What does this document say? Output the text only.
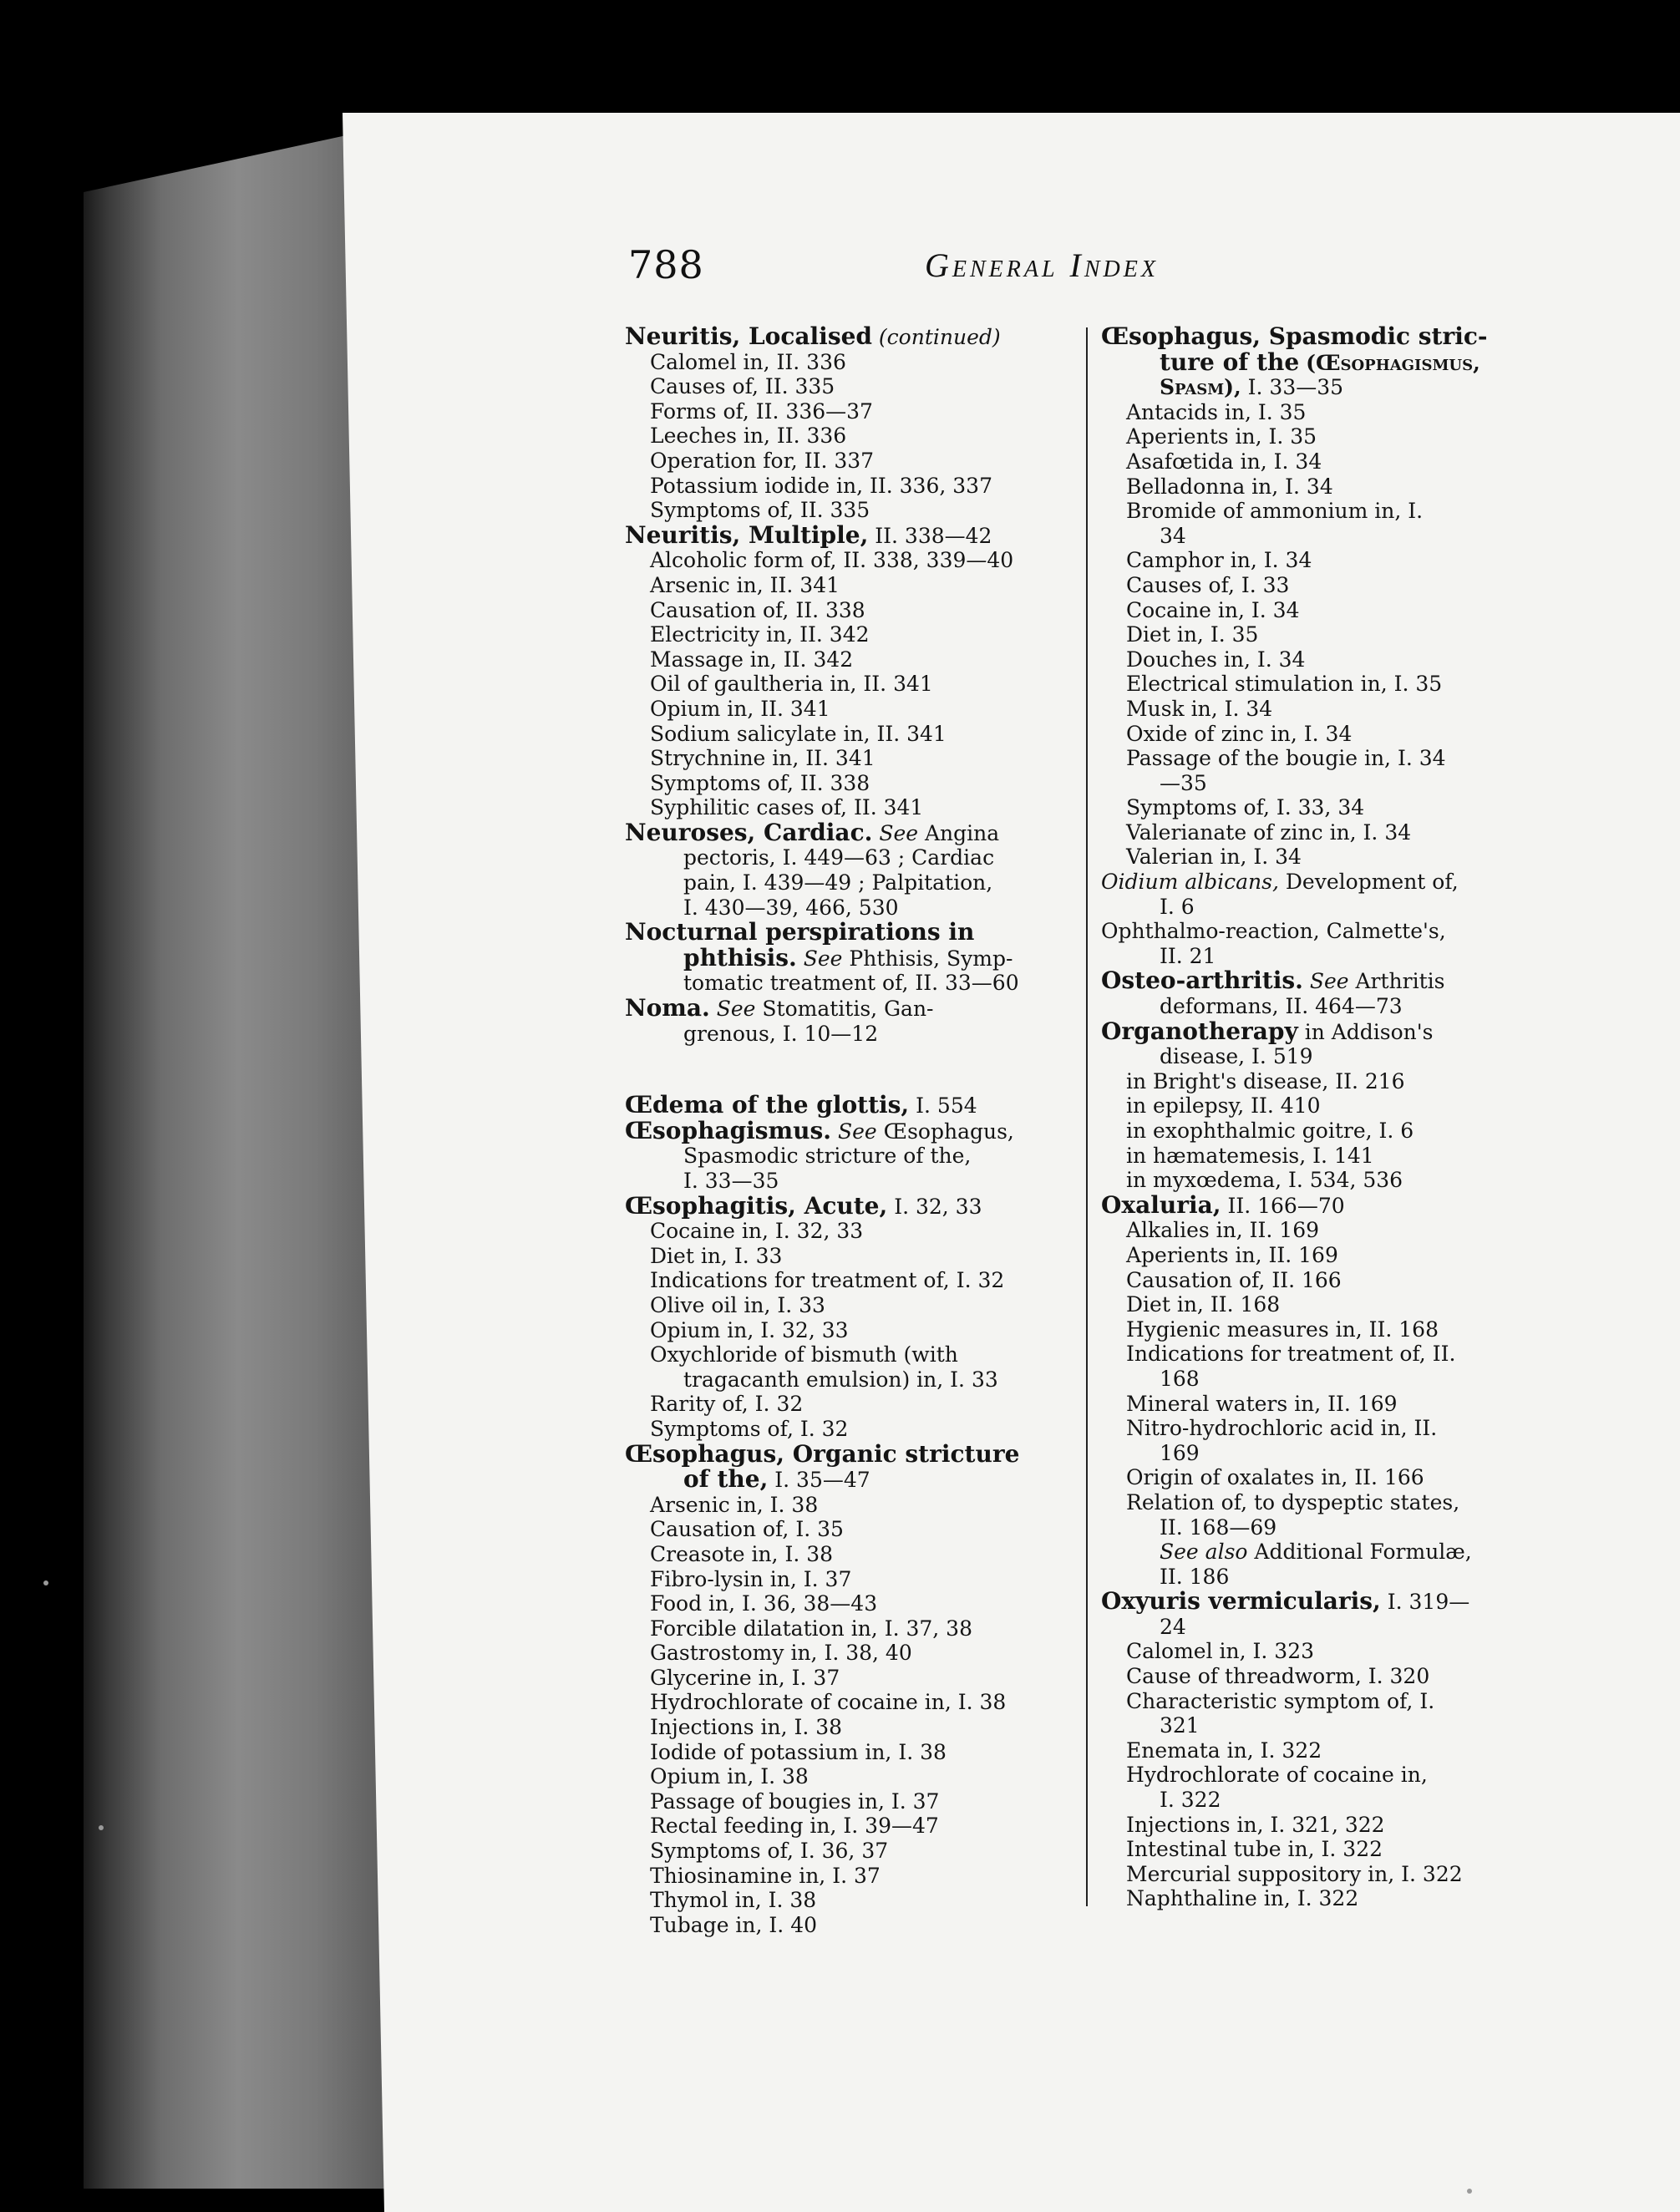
788	General Index
Neuritis, Localised (continued)
Calomel in, II. 336
Causes of, II. 335
Forms of, II. 336—37
Leeches in, II. 336
Operation for, II. 337
Potassium iodide in, II. 336, 337
Symptoms of, II. 335
Neuritis, Multiple, II. 338—42
Alcoholic form of, II. 338, 339—40
Arsenic in, II. 341
Causation of, II. 338
Electricity in, II. 342
Massage in, II. 342
Oil of gaultheria in, II. 341
Opium in, II. 341
Sodium salicylate in, II. 341
Strychnine in, II. 341
Symptoms of, II. 338
Syphilitic cases of, II. 341
Neuroses, Cardiac. See Angina
pectoris, I. 449—63 ; Cardiac
pain, I. 439—49 ; Palpitation,
I. 430—39, 466, 530
Nocturnal perspirations in
phthisis. See Phthisis, Symp-
tomatic treatment of, II. 33—60
Noma. See Stomatitis, Gan-
grenous, I. 10—12
Œdema of the glottis, I. 554
Œsophagismus. See Œsophagus,
Spasmodic stricture of the,
I. 33—35
Œsophagitis, Acute, I. 32, 33
Cocaine in, I. 32, 33
Diet in, I. 33
Indications for treatment of, I. 32
Olive oil in, I. 33
Opium in, I. 32, 33
Oxychloride of bismuth (with
tragacanth emulsion) in, I. 33
Rarity of, I. 32
Symptoms of, I. 32
Œsophagus, Organic stricture
of the, I. 35—47
Arsenic in, I. 38
Causation of, I. 35
Creasote in, I. 38
Fibro-lysin in, I. 37
Food in, I. 36, 38—43
Forcible dilatation in, I. 37, 38
Gastrostomy in, I. 38, 40
Glycerine in, I. 37
Hydrochlorate of cocaine in, I. 38
Injections in, I. 38
Iodide of potassium in, I. 38
Opium in, I. 38
Passage of bougies in, I. 37
Rectal feeding in, I. 39—47
Symptoms of, I. 36, 37
Thiosinamine in, I. 37
Thymol in, I. 38
Tubage in, I. 40
Œsophagus, Spasmodic stric-
ture of the (Œsophagismus,
Spasm), I. 33—35
Antacids in, I. 35
Aperients in, I. 35
Asafœtida in, I. 34
Belladonna in, I. 34
Bromide of ammonium in, I.
34
Camphor in, I. 34
Causes of, I. 33
Cocaine in, I. 34
Diet in, I. 35
Douches in, I. 34
Electrical stimulation in, I. 35
Musk in, I. 34
Oxide of zinc in, I. 34
Passage of the bougie in, I. 34
—35
Symptoms of, I. 33, 34
Valerianate of zinc in, I. 34
Valerian in, I. 34
Oidium albicans, Development of,
I. 6
Ophthalmo-reaction, Calmette's,
II. 21
Osteo-arthritis. See Arthritis
deformans, II. 464—73
Organotherapy in Addison's
disease, I. 519
in Bright's disease, II. 216
in epilepsy, II. 410
in exophthalmic goitre, I. 6
in hæmatemesis, I. 141
in myxœdema, I. 534, 536
Oxaluria, II. 166—70
Alkalies in, II. 169
Aperients in, II. 169
Causation of, II. 166
Diet in, II. 168
Hygienic measures in, II. 168
Indications for treatment of, II.
168
Mineral waters in, II. 169
Nitro-hydrochloric acid in, II.
169
Origin of oxalates in, II. 166
Relation of, to dyspeptic states,
II. 168—69
See also Additional Formulæ,
II. 186
Oxyuris vermicularis, I. 319—
24
Calomel in, I. 323
Cause of threadworm, I. 320
Characteristic symptom of, I.
321
Enemata in, I. 322
Hydrochlorate of cocaine in,
I. 322
Injections in, I. 321, 322
Intestinal tube in, I. 322
Mercurial suppository in, I. 322
Naphthaline in, I. 322
